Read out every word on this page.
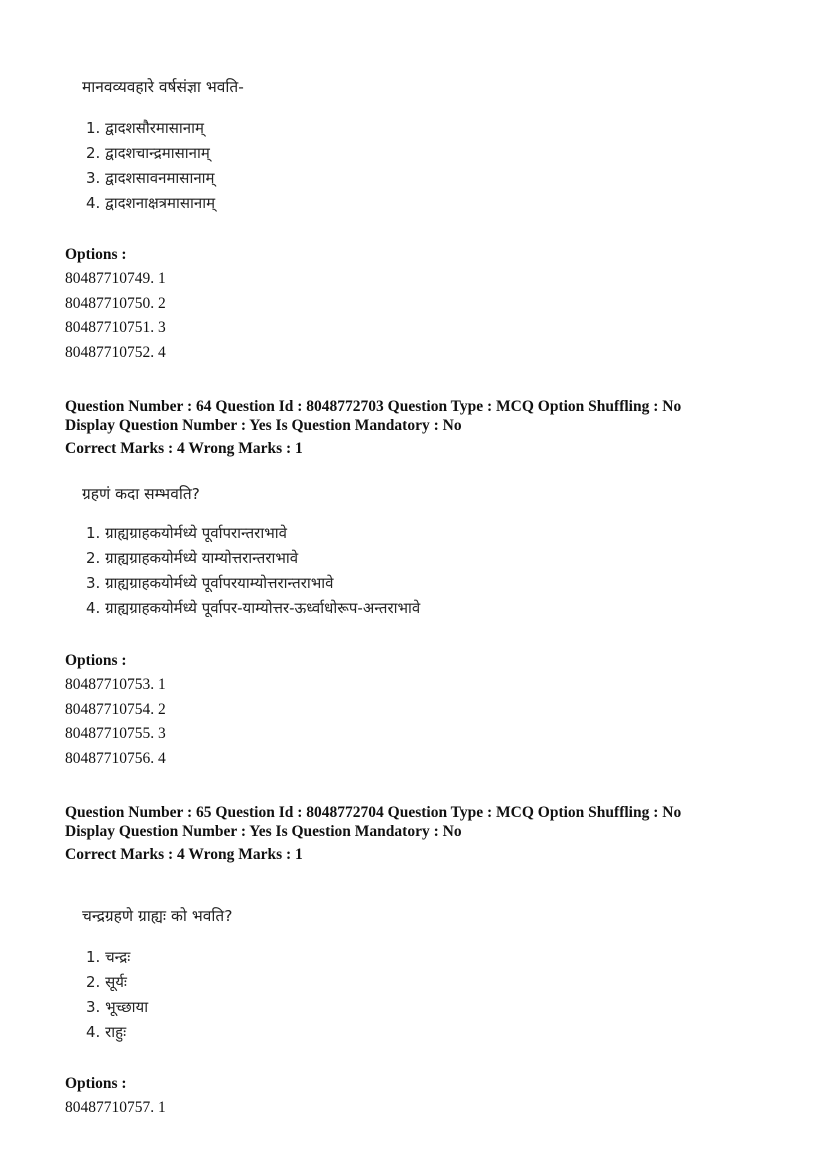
मानवव्यवहारे वर्षसंज्ञा भवति-
1. द्वादशसौरमासानाम्
2. द्वादशचान्द्रमासानाम्
3. द्वादशसावनमासानाम्
4. द्वादशनाक्षत्रमासानाम्
Options :
80487710749. 1
80487710750. 2
80487710751. 3
80487710752. 4
Question Number : 64 Question Id : 8048772703 Question Type : MCQ Option Shuffling : No
Display Question Number : Yes Is Question Mandatory : No
Correct Marks : 4 Wrong Marks : 1
ग्रहणं कदा सम्भवति?
1. ग्राह्यग्राहकयोर्मध्ये पूर्वापरान्तराभावे
2. ग्राह्यग्राहकयोर्मध्ये याम्योत्तरान्तराभावे
3. ग्राह्यग्राहकयोर्मध्ये पूर्वापरयाम्योत्तरान्तराभावे
4. ग्राह्यग्राहकयोर्मध्ये पूर्वापर-याम्योत्तर-ऊर्ध्वाधोरूप-अन्तराभावे
Options :
80487710753. 1
80487710754. 2
80487710755. 3
80487710756. 4
Question Number : 65 Question Id : 8048772704 Question Type : MCQ Option Shuffling : No
Display Question Number : Yes Is Question Mandatory : No
Correct Marks : 4 Wrong Marks : 1
चन्द्रग्रहणे ग्राह्यः को भवति?
1. चन्द्रः
2. सूर्यः
3. भूच्छाया
4. राहुः
Options :
80487710757. 1
